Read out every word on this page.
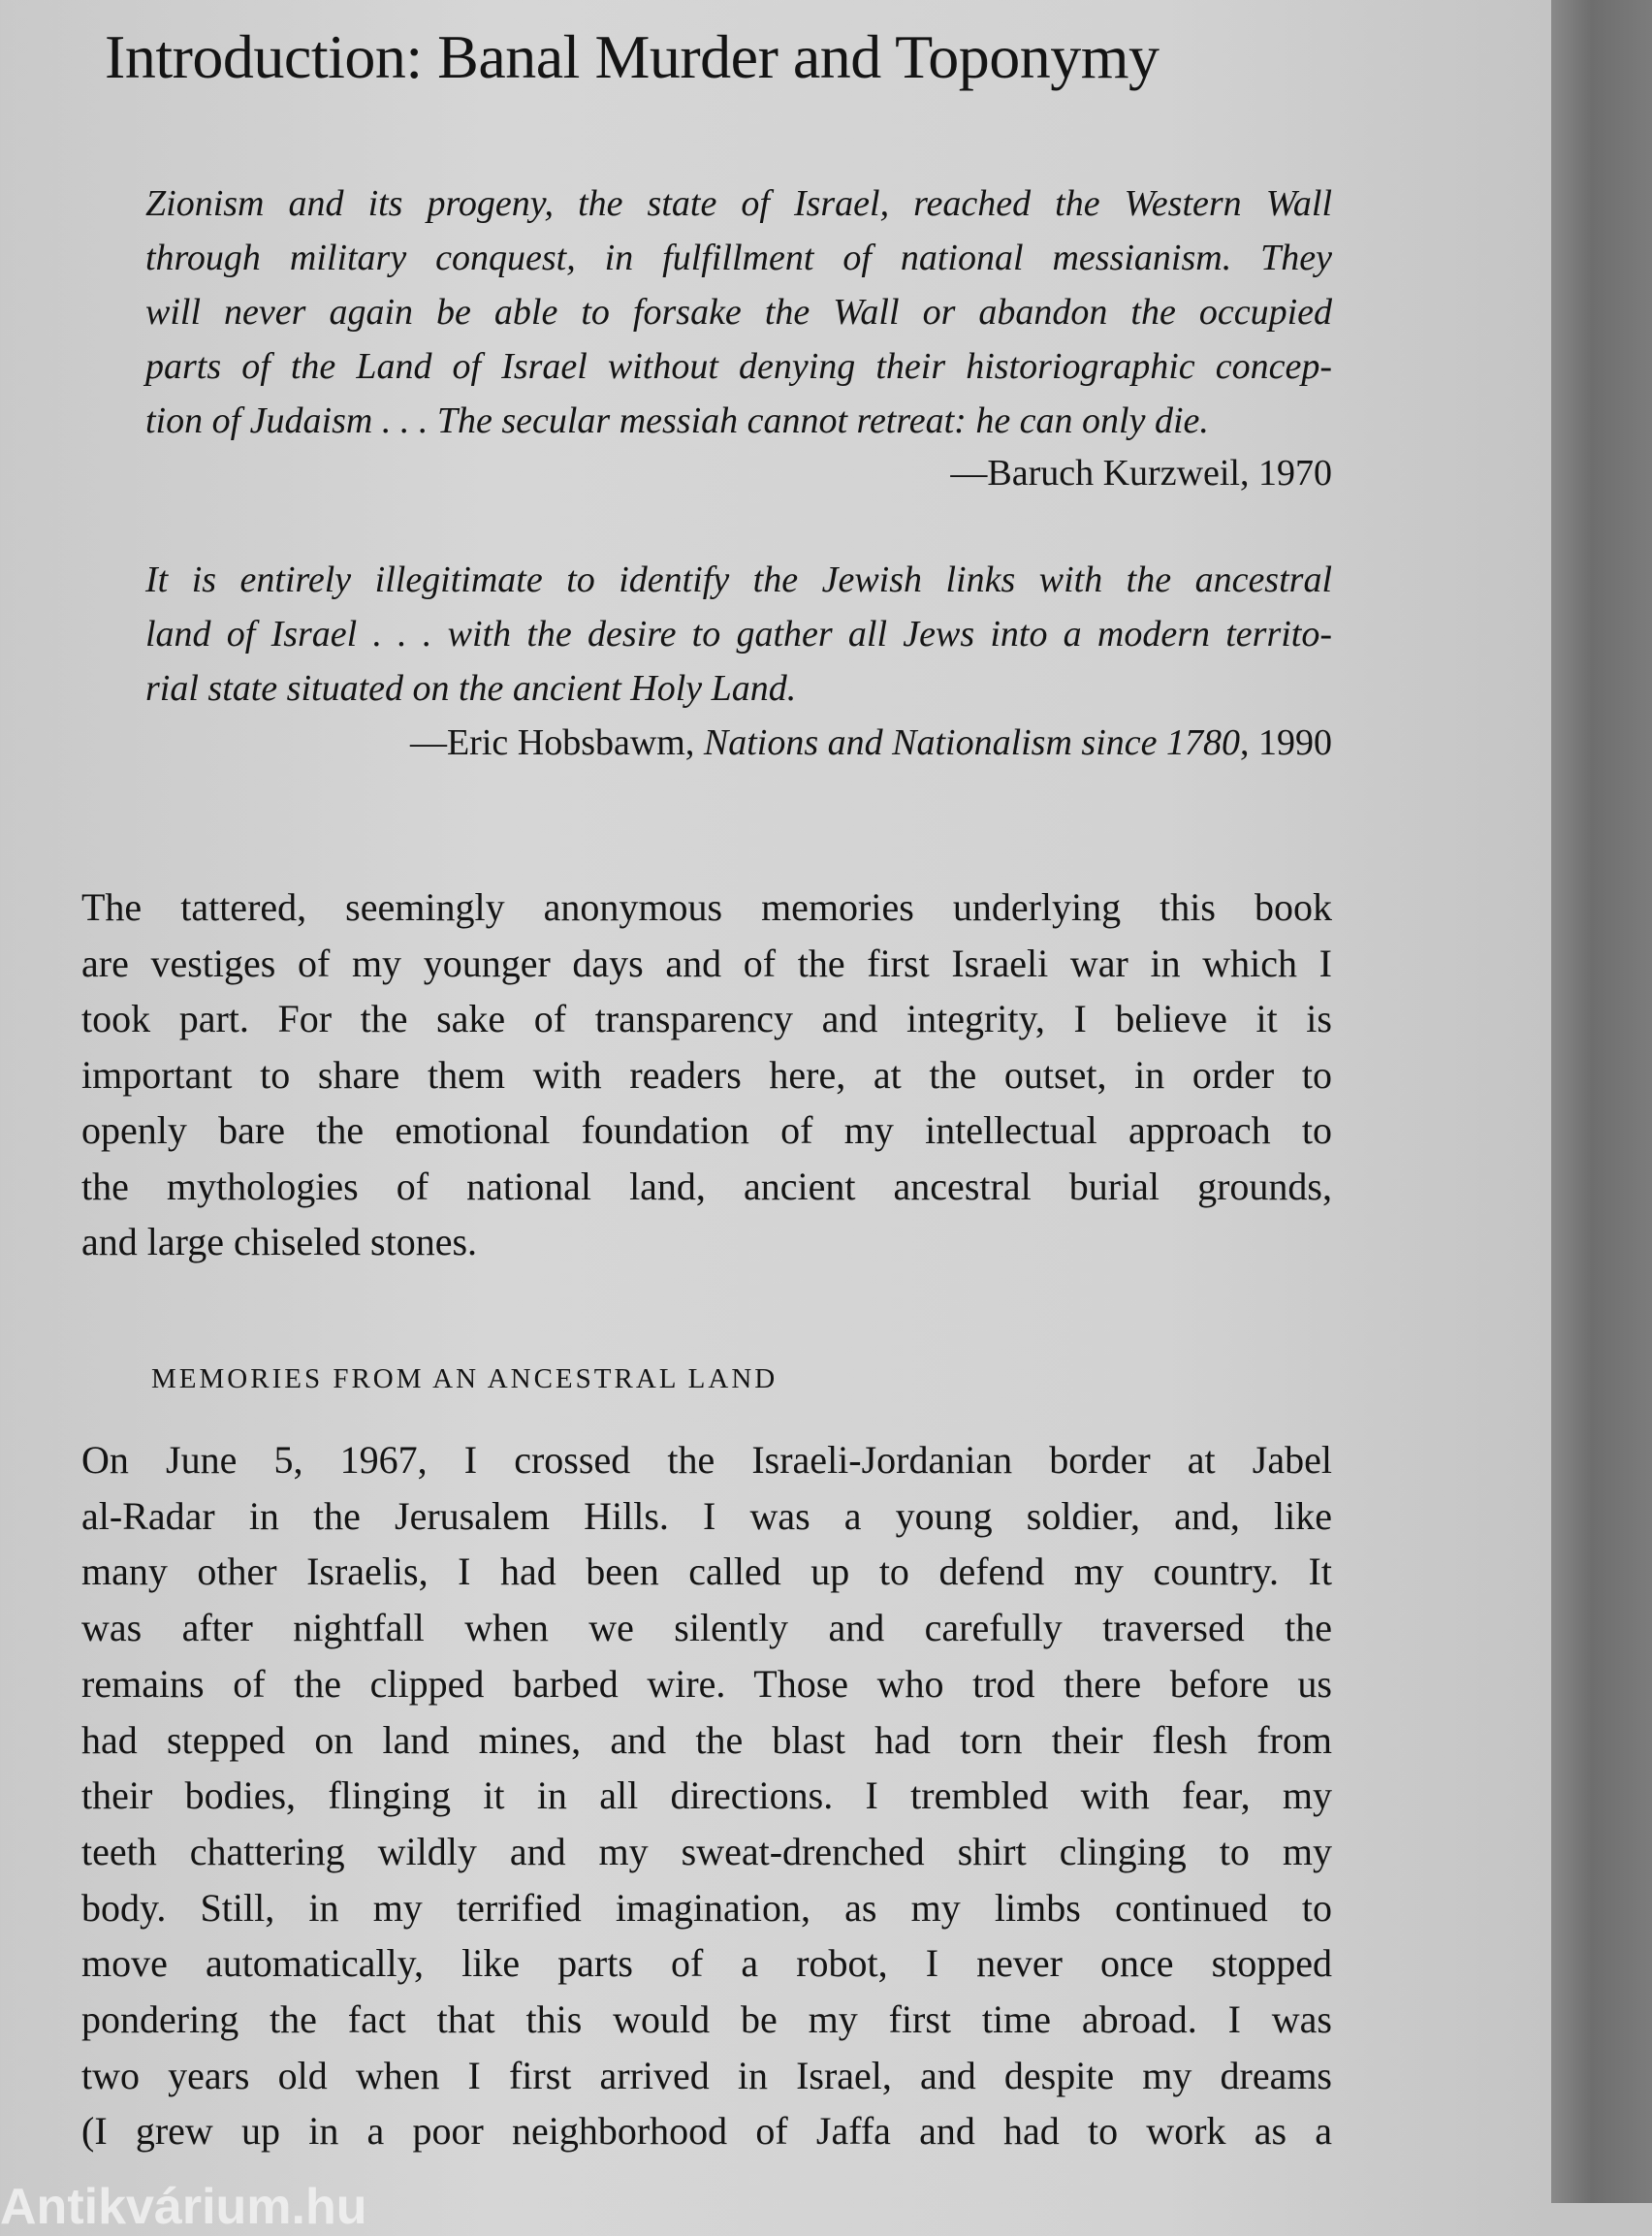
Introduction: Banal Murder and Toponymy
Zionism and its progeny, the state of Israel, reached the Western Wall
through military conquest, in fulfillment of national messianism. They
will never again be able to forsake the Wall or abandon the occupied
parts of the Land of Israel without denying their historiographic concep-
tion of Judaism . . . The secular messiah cannot retreat: he can only die.
—Baruch Kurzweil, 1970
It is entirely illegitimate to identify the Jewish links with the ancestral
land of Israel . . . with the desire to gather all Jews into a modern territo-
rial state situated on the ancient Holy Land.
—Eric Hobsbawm, Nations and Nationalism since 1780, 1990
The tattered, seemingly anonymous memories underlying this book
are vestiges of my younger days and of the first Israeli war in which I
took part. For the sake of transparency and integrity, I believe it is
important to share them with readers here, at the outset, in order to
openly bare the emotional foundation of my intellectual approach to
the mythologies of national land, ancient ancestral burial grounds,
and large chiseled stones.
MEMORIES FROM AN ANCESTRAL LAND
On June 5, 1967, I crossed the Israeli-Jordanian border at Jabel
al-Radar in the Jerusalem Hills. I was a young soldier, and, like
many other Israelis, I had been called up to defend my country. It
was after nightfall when we silently and carefully traversed the
remains of the clipped barbed wire. Those who trod there before us
had stepped on land mines, and the blast had torn their flesh from
their bodies, flinging it in all directions. I trembled with fear, my
teeth chattering wildly and my sweat-drenched shirt clinging to my
body. Still, in my terrified imagination, as my limbs continued to
move automatically, like parts of a robot, I never once stopped
pondering the fact that this would be my first time abroad. I was
two years old when I first arrived in Israel, and despite my dreams
(I grew up in a poor neighborhood of Jaffa and had to work as a
Antikvárium.hu
